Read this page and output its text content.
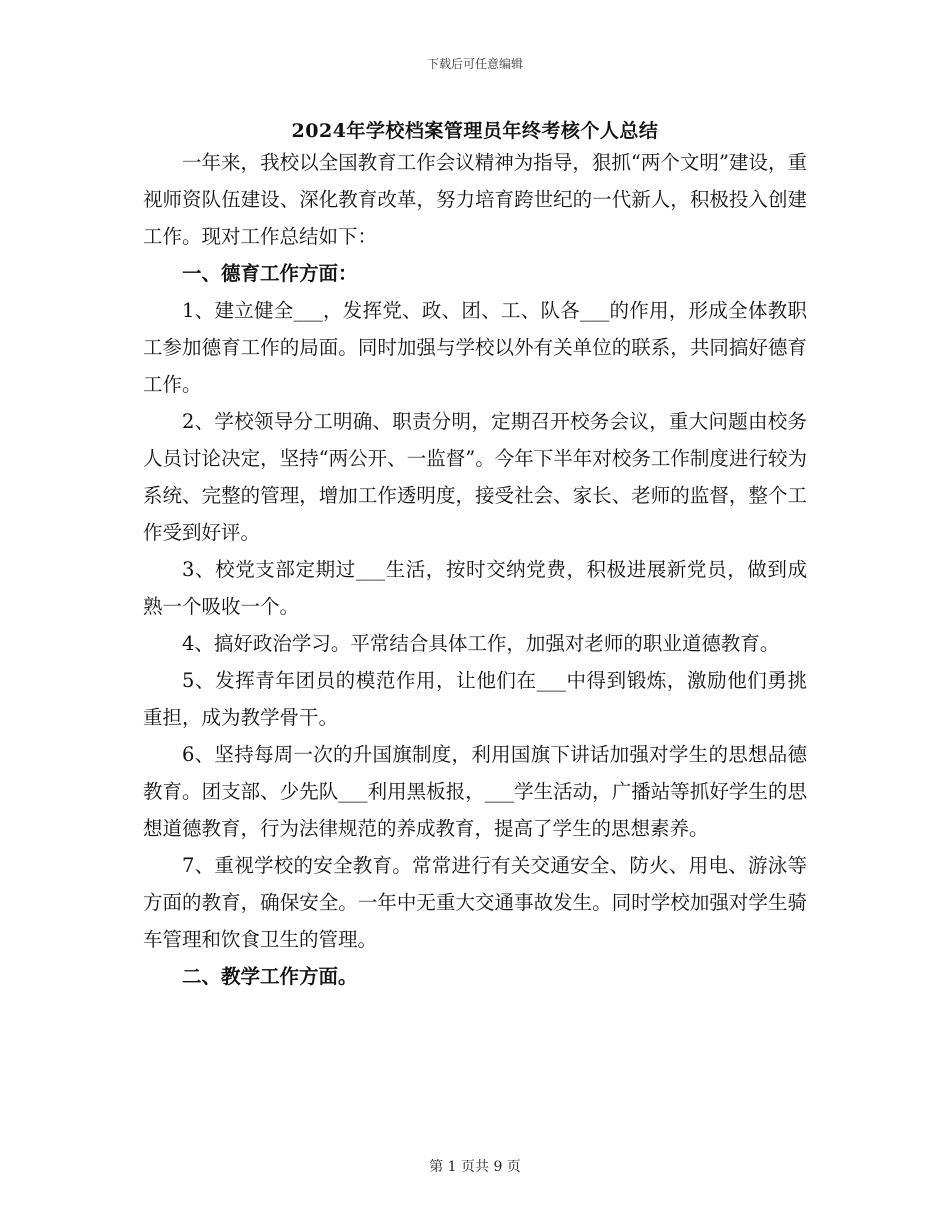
下载后可任意编辑
2024年学校档案管理员年终考核个人总结

一年来，我校以全国教育工作会议精神为指导，狠抓“两个文明”建设，重视师资队伍建设、深化教育改革，努力培育跨世纪的一代新人，积极投入创建工作。现对工作总结如下：

一、德育工作方面：

1、建立健全___，发挥党、政、团、工、队各___的作用，形成全体教职工参加德育工作的局面。同时加强与学校以外有关单位的联系，共同搞好德育工作。

2、学校领导分工明确、职责分明，定期召开校务会议，重大问题由校务人员讨论决定，坚持“两公开、一监督”。今年下半年对校务工作制度进行较为系统、完整的管理，增加工作透明度，接受社会、家长、老师的监督，整个工作受到好评。

3、校党支部定期过___生活，按时交纳党费，积极进展新党员，做到成熟一个吸收一个。

4、搞好政治学习。平常结合具体工作，加强对老师的职业道德教育。

5、发挥青年团员的模范作用，让他们在___中得到锻炼，激励他们勇挑重担，成为教学骨干。

6、坚持每周一次的升国旗制度，利用国旗下讲话加强对学生的思想品德教育。团支部、少先队___利用黑板报，___学生活动，广播站等抓好学生的思想道德教育，行为法律规范的养成教育，提高了学生的思想素养。

7、重视学校的安全教育。常常进行有关交通安全、防火、用电、游泳等方面的教育，确保安全。一年中无重大交通事故发生。同时学校加强对学生骑车管理和饮食卫生的管理。

二、教学工作方面。

第 1 页共 9 页
